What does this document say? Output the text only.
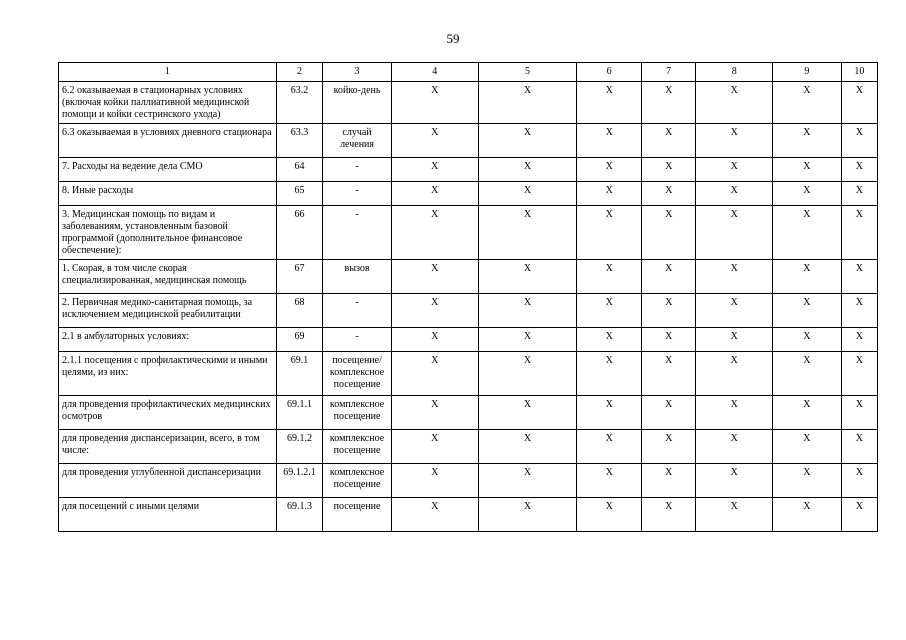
59
1	2	3	4	5	6	7	8	9	10
6.2 оказываемая в стационарных условиях (включая койки паллиативной медицинской помощи и койки сестринского ухода)	63.2	койко-день	X	X	X	X	X	X	X
6.3 оказываемая в условиях дневного стационара	63.3	случай лечения	X	X	X	X	X	X	X
7. Расходы на ведение дела СМО	64	-	X	X	X	X	X	X	X
8. Иные расходы	65	-	X	X	X	X	X	X	X
3. Медицинская помощь по видам и заболеваниям, установленным базовой программой (дополнительное финансовое обеспечение):	66	-	X	X	X	X	X	X	X
1. Скорая, в том числе скорая специализированная, медицинская помощь	67	вызов	X	X	X	X	X	X	X
2. Первичная медико-санитарная помощь, за исключением медицинской реабилитации	68	-	X	X	X	X	X	X	X
2.1 в амбулаторных условиях:	69	-	X	X	X	X	X	X	X
2.1.1 посещения с профилактическими и иными целями, из них:	69.1	посещение/ комплексное посещение	X	X	X	X	X	X	X
для проведения профилактических медицинских осмотров	69.1.1	комплексное посещение	X	X	X	X	X	X	X
для проведения диспансеризации, всего, в том числе:	69.1.2	комплексное посещение	X	X	X	X	X	X	X
для проведения углубленной диспансеризации	69.1.2.1	комплексное посещение	X	X	X	X	X	X	X
для посещений с иными целями	69.1.3	посещение	X	X	X	X	X	X	X
